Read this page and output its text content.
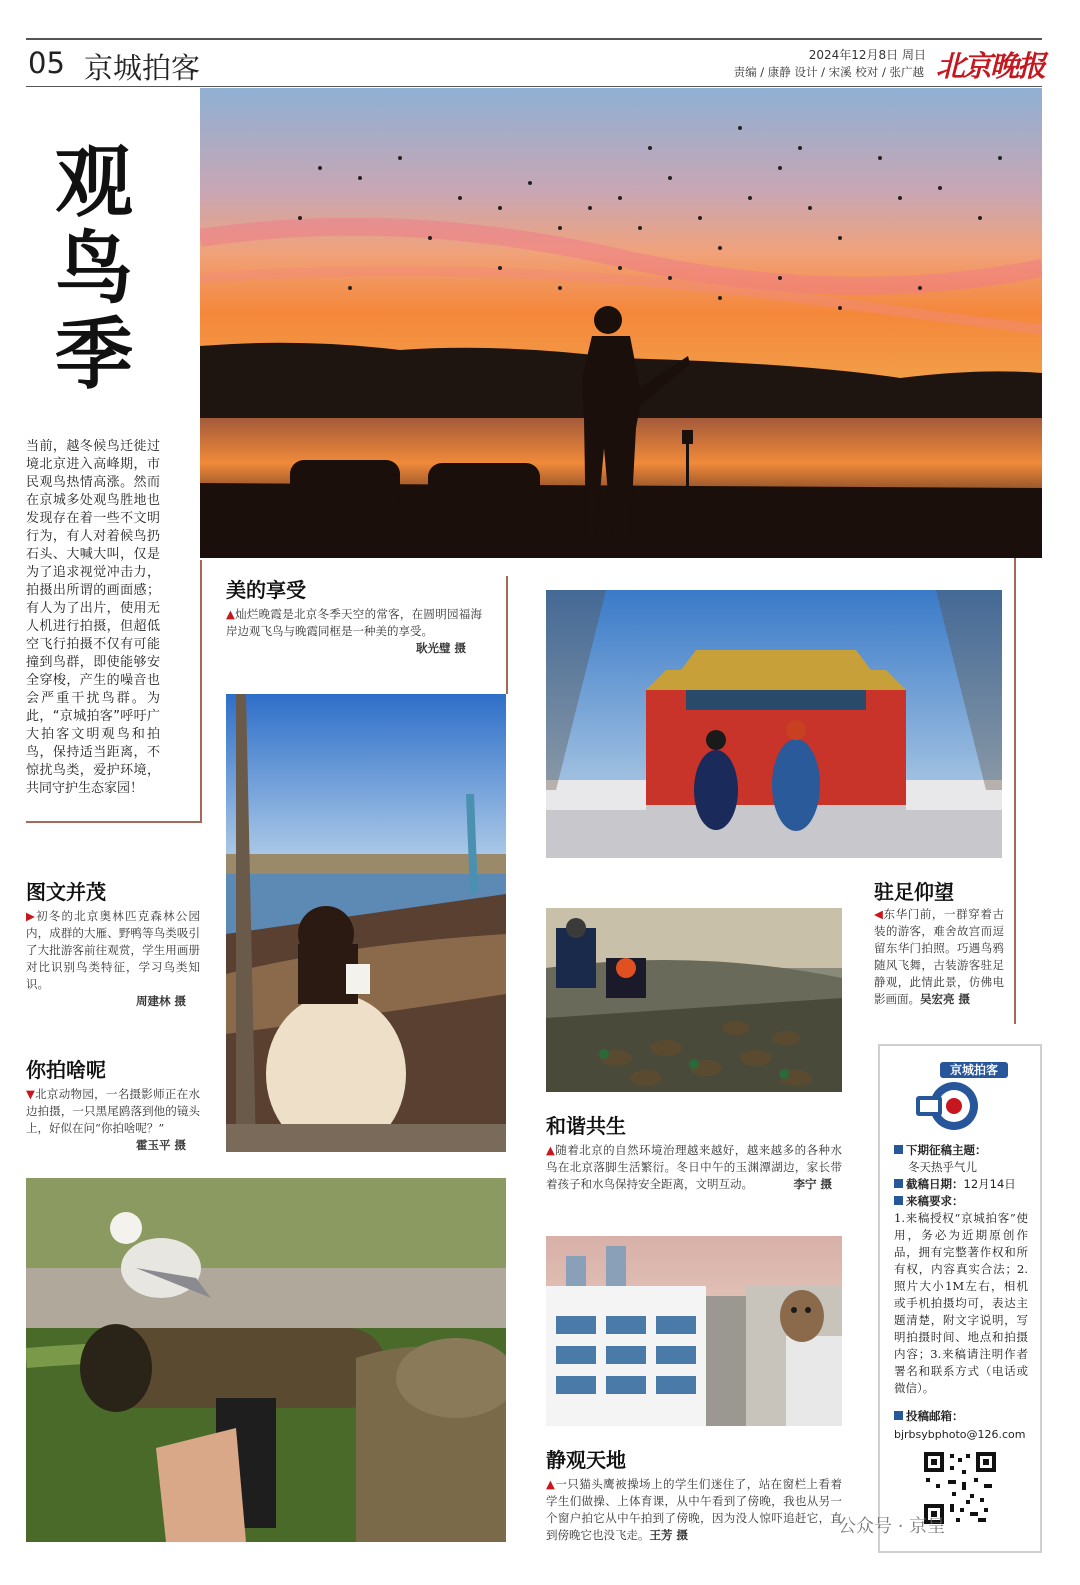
05 京城拍客	2024年12月8日 周日
责编 / 康静 设计 / 宋溪 校对 / 张广越 北京晚报
观
鸟
季
当前，越冬候鸟迁徙过境北京进入高峰期，市民观鸟热情高涨。然而在京城多处观鸟胜地也发现存在着一些不文明行为，有人对着候鸟扔石头、大喊大叫，仅是为了追求视觉冲击力，拍摄出所谓的画面感；有人为了出片，使用无人机进行拍摄，但超低空飞行拍摄不仅有可能撞到鸟群，即使能够安全穿梭，产生的噪音也会严重干扰鸟群。为此，“京城拍客”呼吁广大拍客文明观鸟和拍鸟，保持适当距离，不惊扰鸟类，爱护环境，共同守护生态家园！
美的享受
▲灿烂晚霞是北京冬季天空的常客，在圆明园福海岸边观飞鸟与晚霞同框是一种美的享受。
耿光璧 摄
图文并茂
▶初冬的北京奥林匹克森林公园内，成群的大雁、野鸭等鸟类吸引了大批游客前往观赏，学生用画册对比识别鸟类特征，学习鸟类知识。
周建林 摄
你拍啥呢
▼北京动物园，一名摄影师正在水边拍摄，一只黑尾鸥落到他的镜头上，好似在问“你拍啥呢？”
霍玉平 摄
驻足仰望
◀东华门前，一群穿着古装的游客，难舍故宫而逗留东华门拍照。巧遇鸟鸦随风飞舞，古装游客驻足静观，此情此景，仿佛电影画面。吴宏亮 摄
和谐共生
▲随着北京的自然环境治理越来越好，越来越多的各种水鸟在北京落脚生活繁衍。冬日中午的玉渊潭湖边，家长带着孩子和水鸟保持安全距离，文明互动。	李宁 摄
静观天地
▲一只猫头鹰被操场上的学生们迷住了，站在窗栏上看着学生们做操、上体育课，从中午看到了傍晚，我也从另一个窗户拍它从中午拍到了傍晚，因为没人惊吓追赶它，直到傍晚它也没飞走。王芳 摄
京城拍客
下期征稿主题：
冬天热乎气儿
截稿日期：12月14日
来稿要求：
1.来稿授权“京城拍客”使用，务必为近期原创作品，拥有完整著作权和所有权，内容真实合法；2.照片大小1M左右，相机或手机拍摄均可，表达主题清楚，附文字说明，写明拍摄时间、地点和拍摄内容；3.来稿请注明作者署名和联系方式（电话或微信）。
投稿邮箱：
bjrbsybphoto@126.com
公众号 · 京呈
